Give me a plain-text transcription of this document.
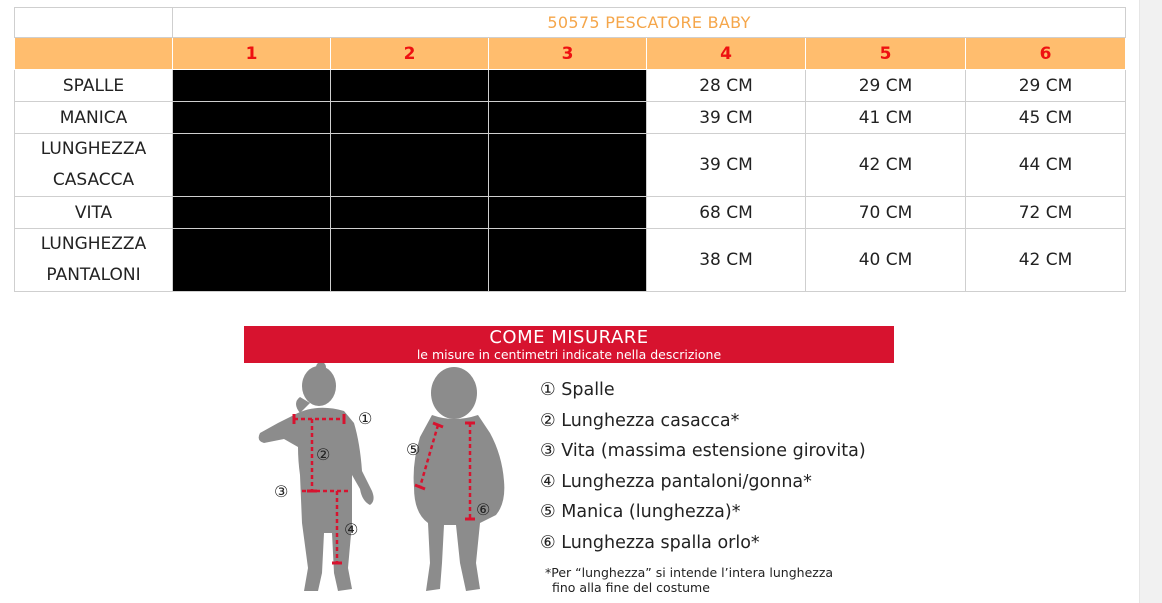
	50575 PESCATORE BABY					
	1	2	3	4	5	6
SPALLE				28 CM	29 CM	29 CM
MANICA				39 CM	41 CM	45 CM
LUNGHEZZA
CASACCA				39 CM	42 CM	44 CM
VITA				68 CM	70 CM	72 CM
LUNGHEZZA
PANTALONI				38 CM	40 CM	42 CM
COME MISURARE
le misure in centimetri indicate nella descrizione
①
②
③
④
⑤
⑥
① Spalle
② Lunghezza casacca*
③ Vita (massima estensione girovita)
④ Lunghezza pantaloni/gonna*
⑤ Manica (lunghezza)*
⑥ Lunghezza spalla orlo*
*Per “lunghezza” si intende l’intera lunghezza
fino alla fine del costume
